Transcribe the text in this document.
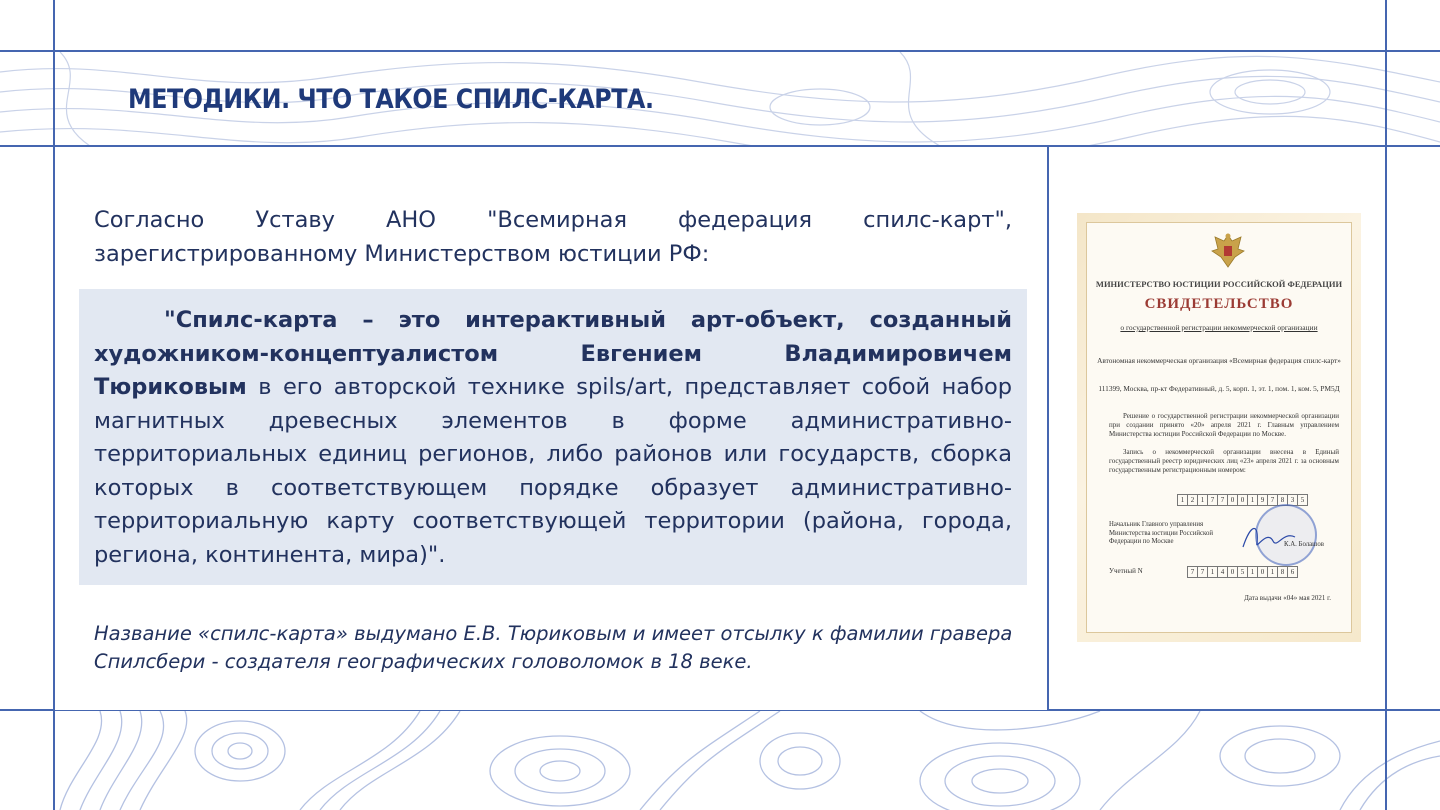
МЕТОДИКИ. ЧТО ТАКОЕ СПИЛС-КАРТА.

Согласно Уставу АНО "Всемирная федерация спилс-карт", зарегистрированному Министерством юстиции РФ:

"Спилс-карта – это интерактивный арт-объект, созданный художником-концептуалистом Евгением Владимировичем Тюриковым в его авторской технике spils/art, представляет собой набор магнитных древесных элементов в форме административно-территориальных единиц регионов, либо районов или государств, сборка которых в соответствующем порядке образует административно-территориальную карту соответствующей территории (района, города, региона, континента, мира)".

Название «спилс-карта» выдумано Е.В. Тюриковым и имеет отсылку к фамилии гравера Спилсбери - создателя географических головоломок в 18 веке.

МИНИСТЕРСТВО ЮСТИЦИИ РОССИЙСКОЙ ФЕДЕРАЦИИ
СВИДЕТЕЛЬСТВО
о государственной регистрации некоммерческой организации
Автономная некоммерческая организация «Всемирная федерация спилс-карт»
111399, Москва, пр-кт Федеративный, д. 5, корп. 1, эт. 1, пом. 1, ком. 5, РМ5Д
Решение о государственной регистрации некоммерческой организации при создании принято «20» апреля 2021 г. Главным управлением Министерства юстиции Российской Федерации по Москве.
Запись о некоммерческой организации внесена в Единый государственный реестр юридических лиц «23» апреля 2021 г. за основным государственным регистрационным номером:
1 2 1 7 7 0 0 1 9 7 8 3 5
Начальник Главного управления Министерства юстиции Российской Федерации по Москве	К.А. Болашов
Учетный N	7 7 1 4 0 5 1 0 1 8 6
Дата выдачи «04» мая 2021 г.
